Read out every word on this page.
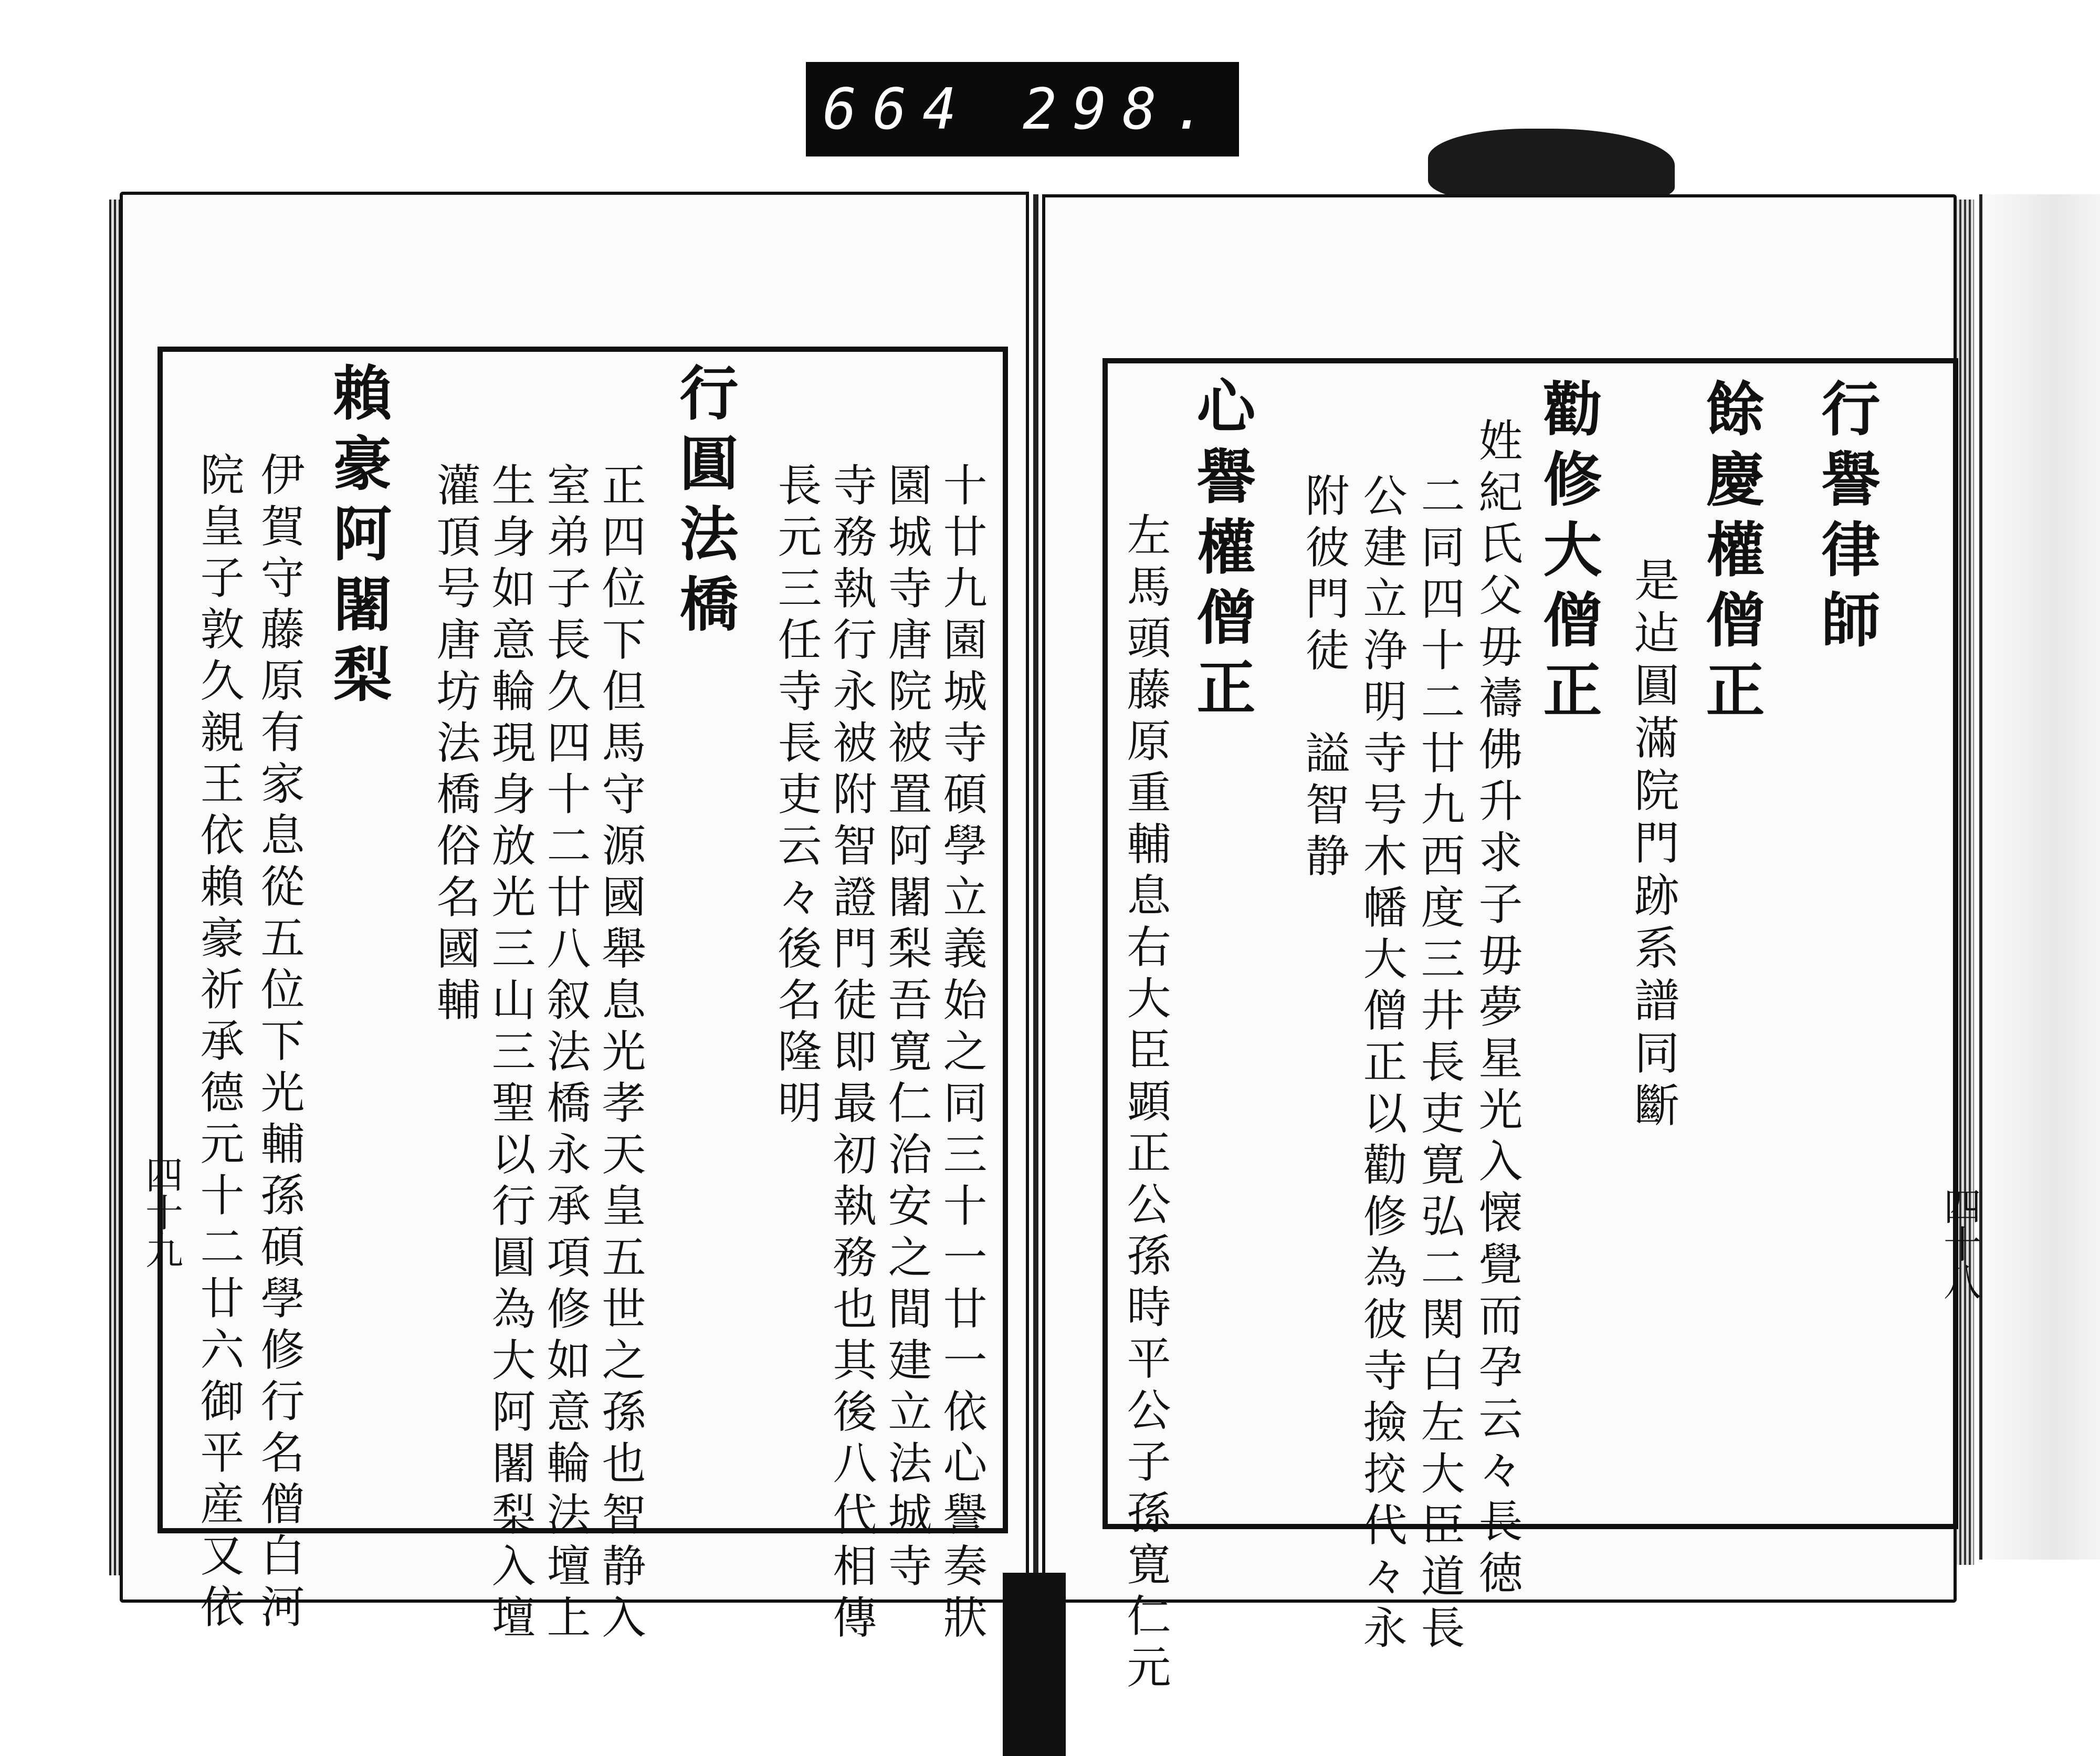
664 298.
行譽律師
餘慶權僧正
是迠圓滿院門跡系譜同斷
勸修大僧正
姓紀氏父毋禱佛升求子毋夢星光入懐覺而孕云々長徳
二同四十二廿九西度三井長吏寛弘二関白左大臣道長
公建立浄明寺号木幡大僧正以勸修為彼寺撿挍代々永
附彼門徒　謚智静
心譽權僧正
左馬頭藤原重輔息右大臣顕正公孫時平公子孫寛仁元	四十八
十廿九園城寺碩學立義始之同三十一廿一依心譽奏狀
園城寺唐院被置阿闍梨吾寛仁治安之間建立法城寺
寺務執行永被附智證門徒即最初執務也其後八代相傳
長元三任寺長吏云々後名隆明
行圓法橋
正四位下但馬守源國舉息光孝天皇五世之孫也智静入
室弟子長久四十二廿八叙法橋永承項修如意輪法壇上
生身如意輪現身放光三山三聖以行圓為大阿闍梨入壇
灌頂号唐坊法橋俗名國輔
賴豪阿闍梨
伊賀守藤原有家息從五位下光輔孫碩學修行名僧白河
院皇子敦久親王依賴豪祈承德元十二廿六御平産又依
四十九
